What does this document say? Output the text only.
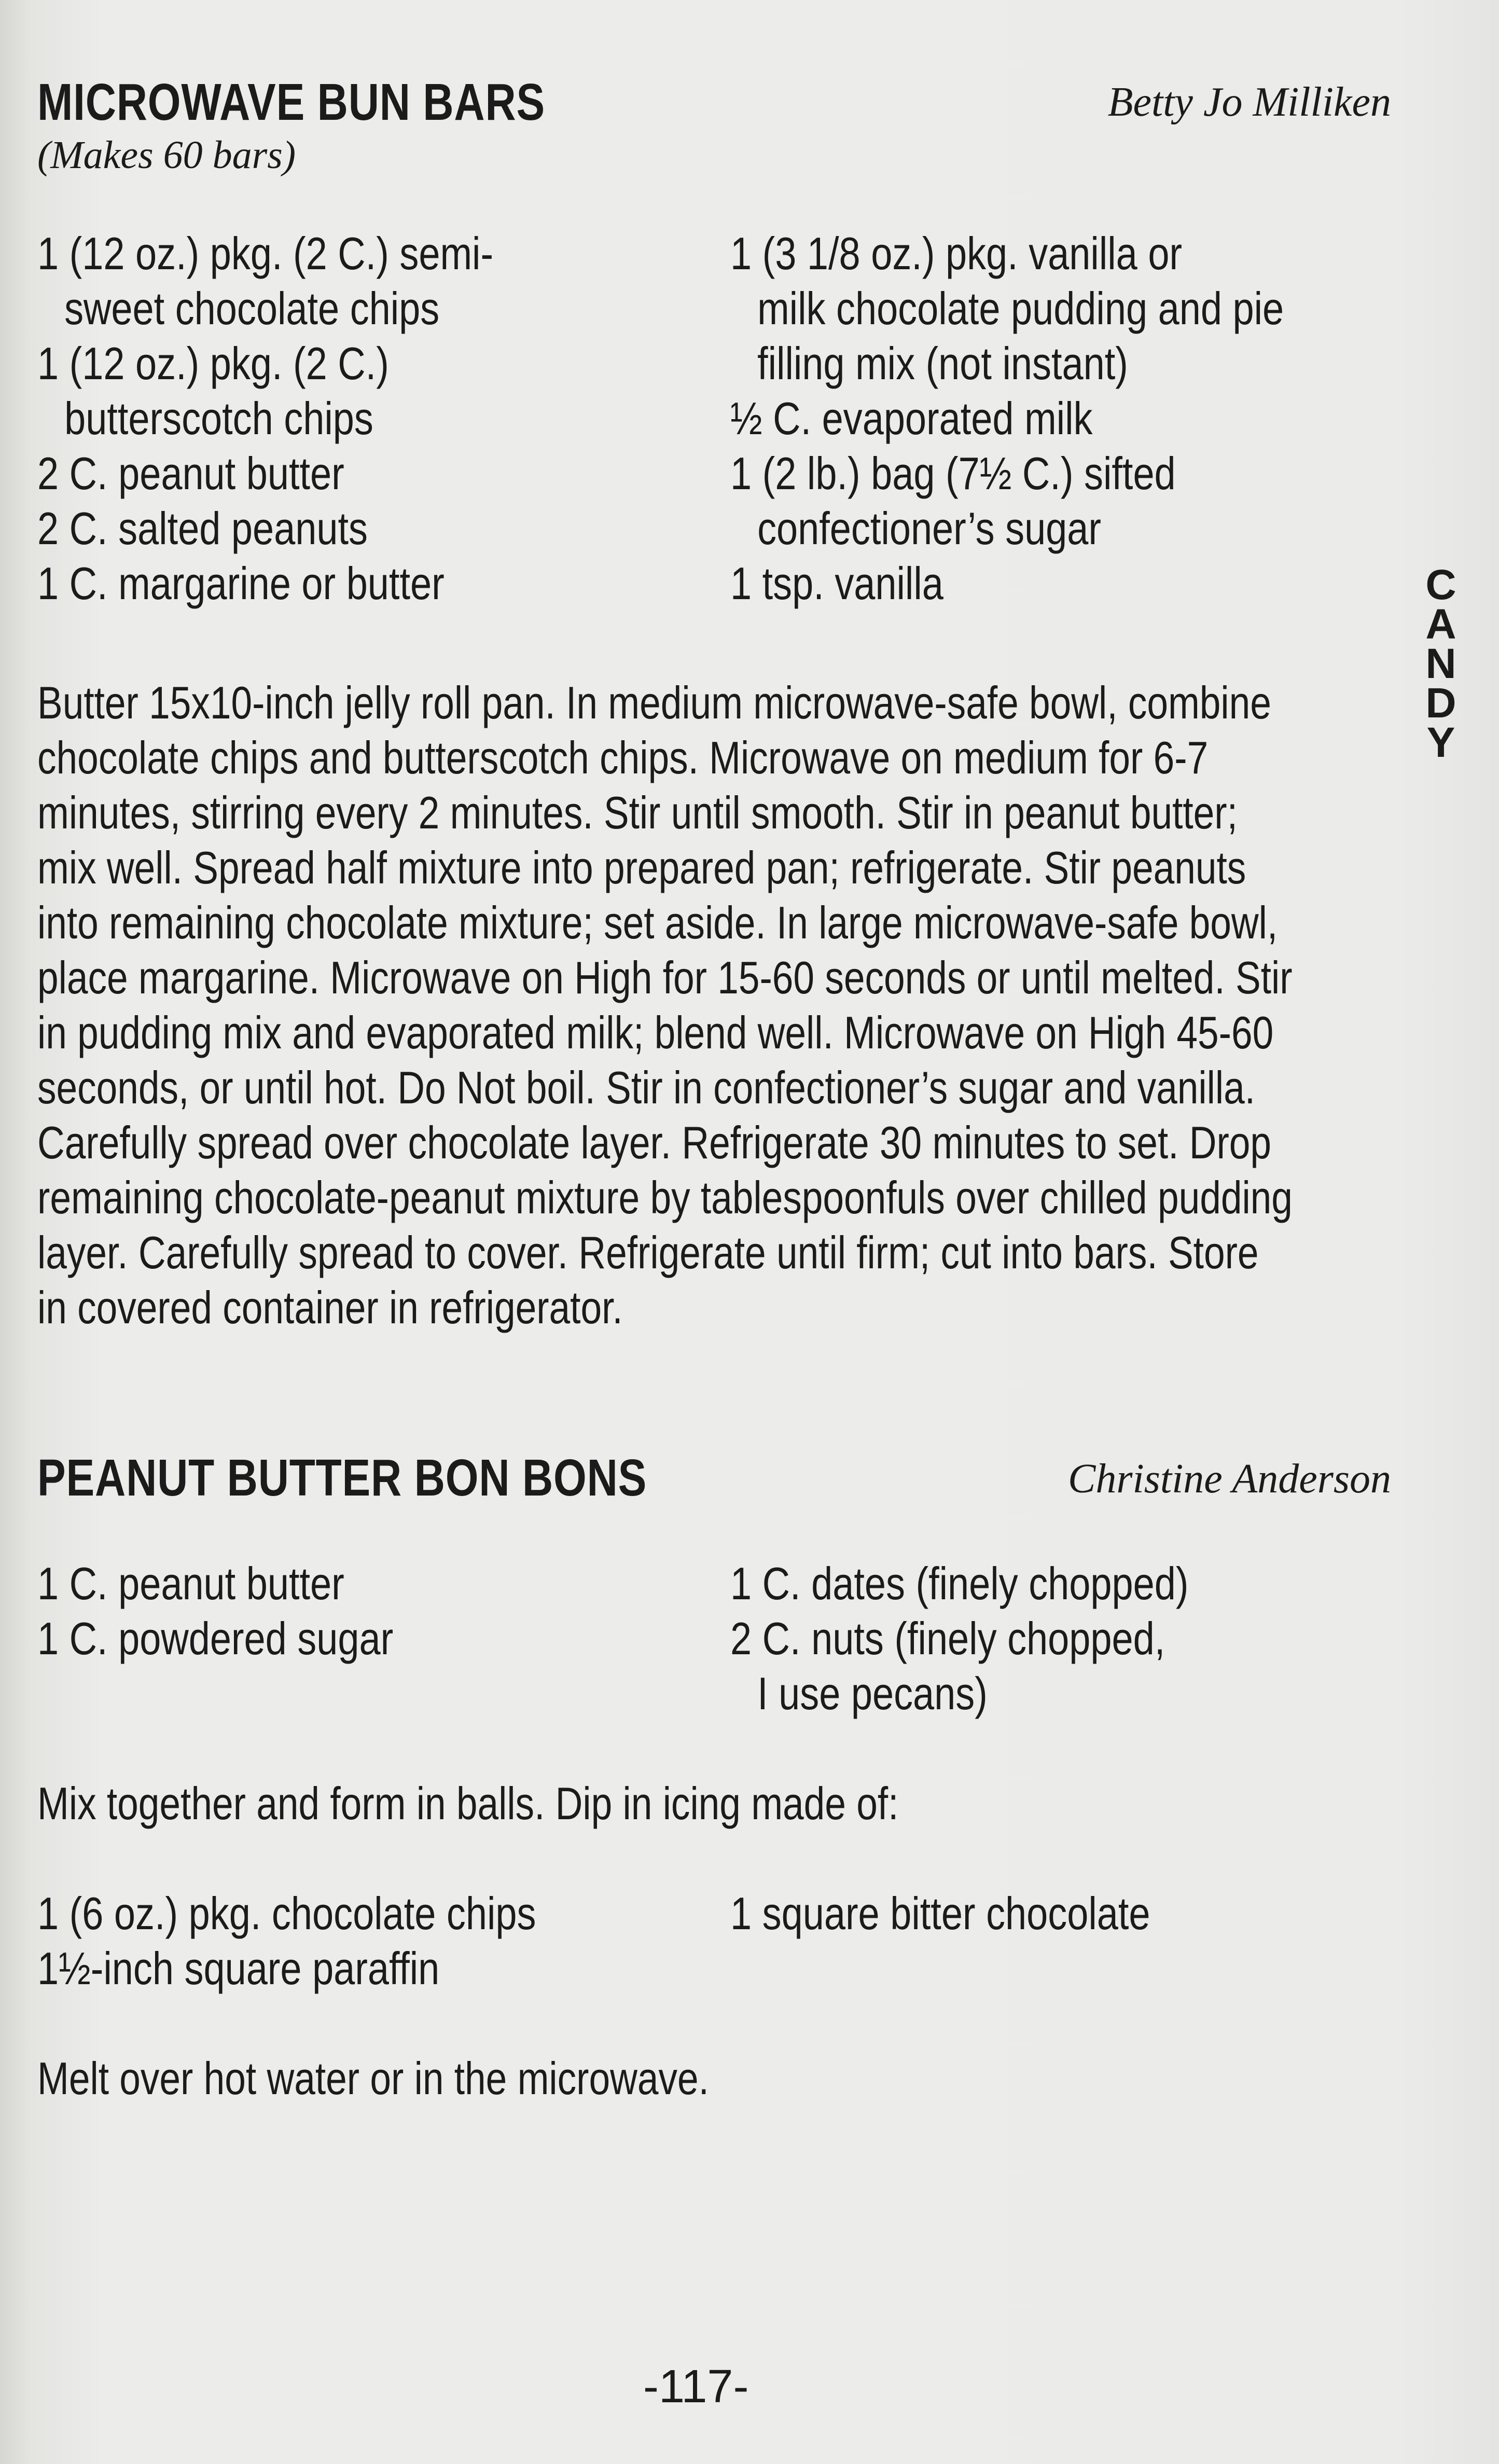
MICROWAVE BUN BARS	Betty Jo Milliken
(Makes 60 bars)
1 (12 oz.) pkg. (2 C.) semi-
sweet chocolate chips
1 (12 oz.) pkg. (2 C.)
butterscotch chips
2 C. peanut butter
2 C. salted peanuts
1 C. margarine or butter
1 (3 1/8 oz.) pkg. vanilla or
milk chocolate pudding and pie
filling mix (not instant)
½ C. evaporated milk
1 (2 lb.) bag (7½ C.) sifted
confectioner’s sugar
1 tsp. vanilla
Butter 15x10-inch jelly roll pan. In medium microwave-safe bowl, combine
chocolate chips and butterscotch chips. Microwave on medium for 6-7
minutes, stirring every 2 minutes. Stir until smooth. Stir in peanut butter;
mix well. Spread half mixture into prepared pan; refrigerate. Stir peanuts
into remaining chocolate mixture; set aside. In large microwave-safe bowl,
place margarine. Microwave on High for 15-60 seconds or until melted. Stir
in pudding mix and evaporated milk; blend well. Microwave on High 45-60
seconds, or until hot. Do Not boil. Stir in confectioner’s sugar and vanilla.
Carefully spread over chocolate layer. Refrigerate 30 minutes to set. Drop
remaining chocolate-peanut mixture by tablespoonfuls over chilled pudding
layer. Carefully spread to cover. Refrigerate until firm; cut into bars. Store
in covered container in refrigerator.
PEANUT BUTTER BON BONS	Christine Anderson
1 C. peanut butter
1 C. powdered sugar
1 C. dates (finely chopped)
2 C. nuts (finely chopped,
I use pecans)
Mix together and form in balls. Dip in icing made of:
1 (6 oz.) pkg. chocolate chips
1½-inch square paraffin
1 square bitter chocolate
Melt over hot water or in the microwave.
C
A
N
D
Y
-117-
